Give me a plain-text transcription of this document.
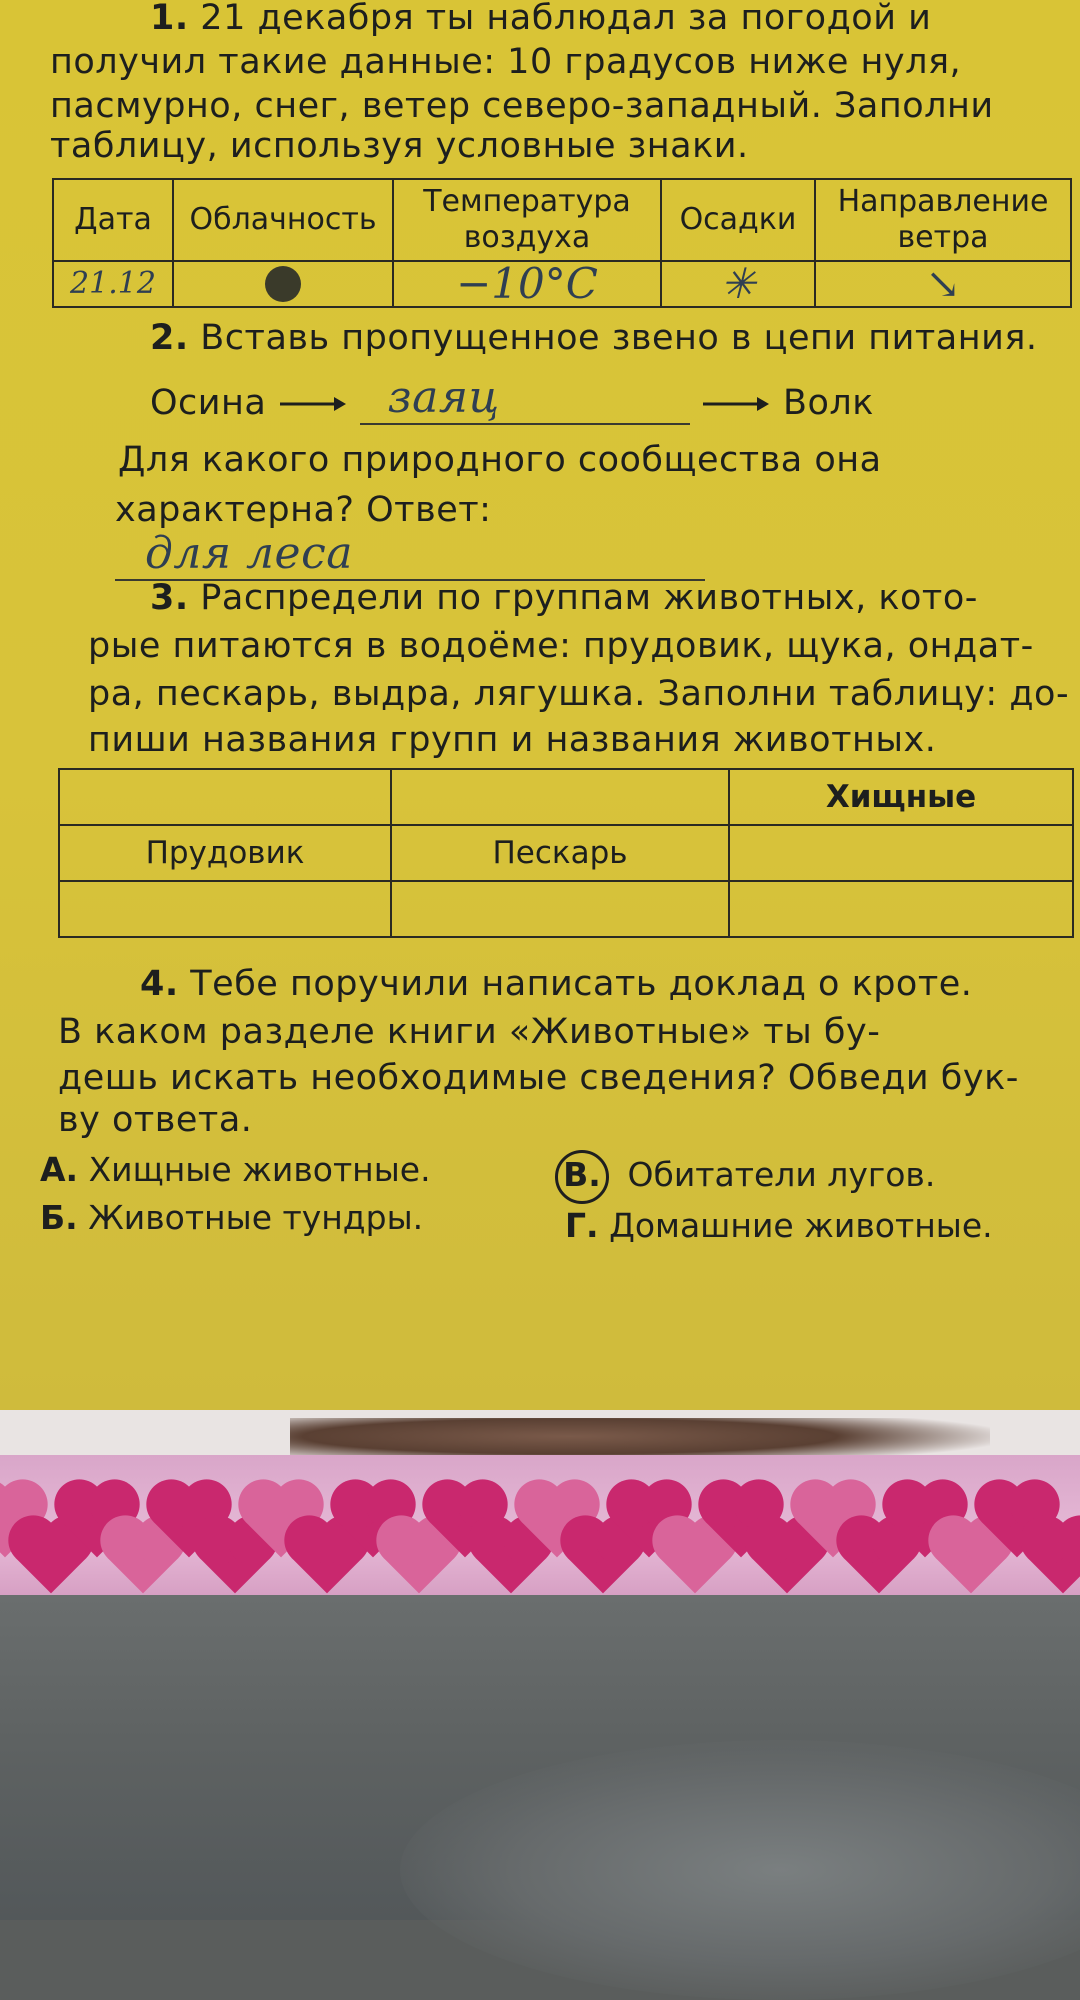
1. 21 декабря ты наблюдал за погодой и
получил такие данные: 10 градусов ниже нуля,
пасмурно, снег, ветер северо-западный. Заполни
таблицу, используя условные знаки.
Дата	Облачность	Температура воздуха	Осадки	Направление ветра
21.12		−10°C	✳	↘
2. Вставь пропущенное звено в цепи питания.
Осина	заяц	Волк
Для какого природного сообщества она
характерна? Ответ: для леса
3. Распредели по группам животных, кото-
рые питаются в водоёме: прудовик, щука, ондат-
ра, пескарь, выдра, лягушка. Заполни таблицу: до-
пиши названия групп и названия животных.
		Хищные
Прудовик	Пескарь	

4. Тебе поручили написать доклад о кроте.
В каком разделе книги «Животные» ты бу-
дешь искать необходимые сведения? Обведи бук-
ву ответа.
А. Хищные животные.
Б. Животные тундры.
В. Обитатели лугов.
Г. Домашние животные.
